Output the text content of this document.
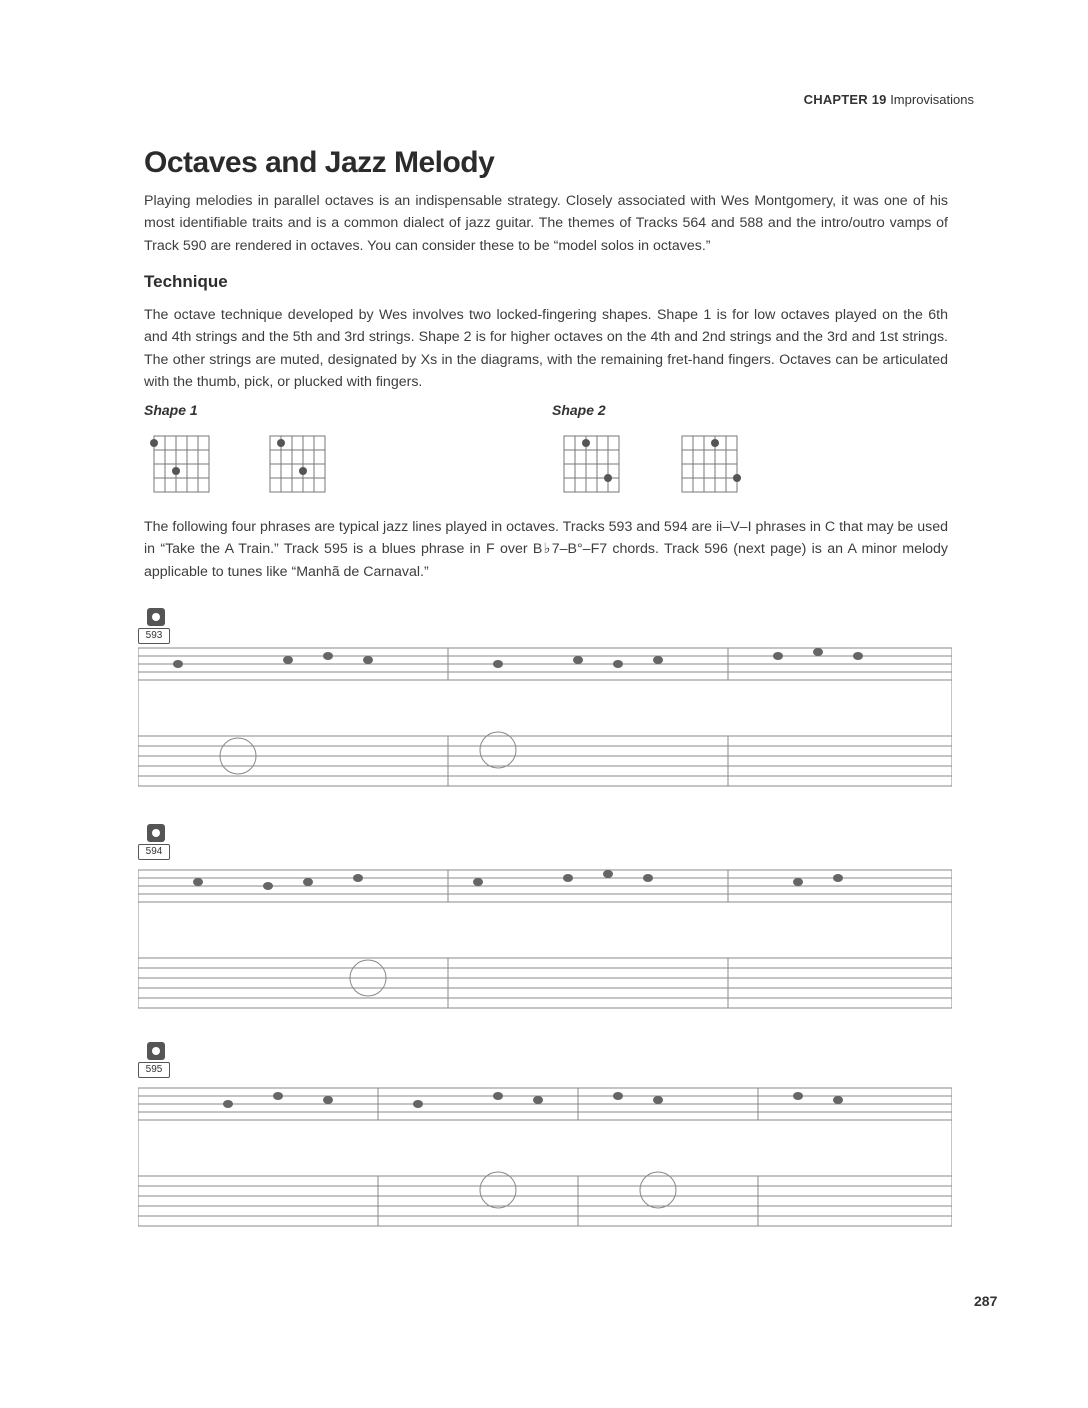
CHAPTER 19 Improvisations
Octaves and Jazz Melody

Playing melodies in parallel octaves is an indispensable strategy. Closely associated with Wes Montgomery, it was one of his most identifiable traits and is a common dialect of jazz guitar. The themes of Tracks 564 and 588 and the intro/outro vamps of Track 590 are rendered in octaves. You can consider these to be “model solos in octaves.”

Technique

The octave technique developed by Wes involves two locked-fingering shapes. Shape 1 is for low octaves played on the 6th and 4th strings and the 5th and 3rd strings. Shape 2 is for higher octaves on the 4th and 2nd strings and the 3rd and 1st strings. The other strings are muted, designated by Xs in the diagrams, with the remaining fret-hand fingers. Octaves can be articulated with the thumb, pick, or plucked with fingers.

Shape 1	Shape 2

The following four phrases are typical jazz lines played in octaves. Tracks 593 and 594 are ii–V–I phrases in C that may be used in “Take the A Train.” Track 595 is a blues phrase in F over B♭7–B°–F7 chords. Track 596 (next page) is an A minor melody applicable to tunes like “Manhã de Carnaval.”

593
594
595
287
